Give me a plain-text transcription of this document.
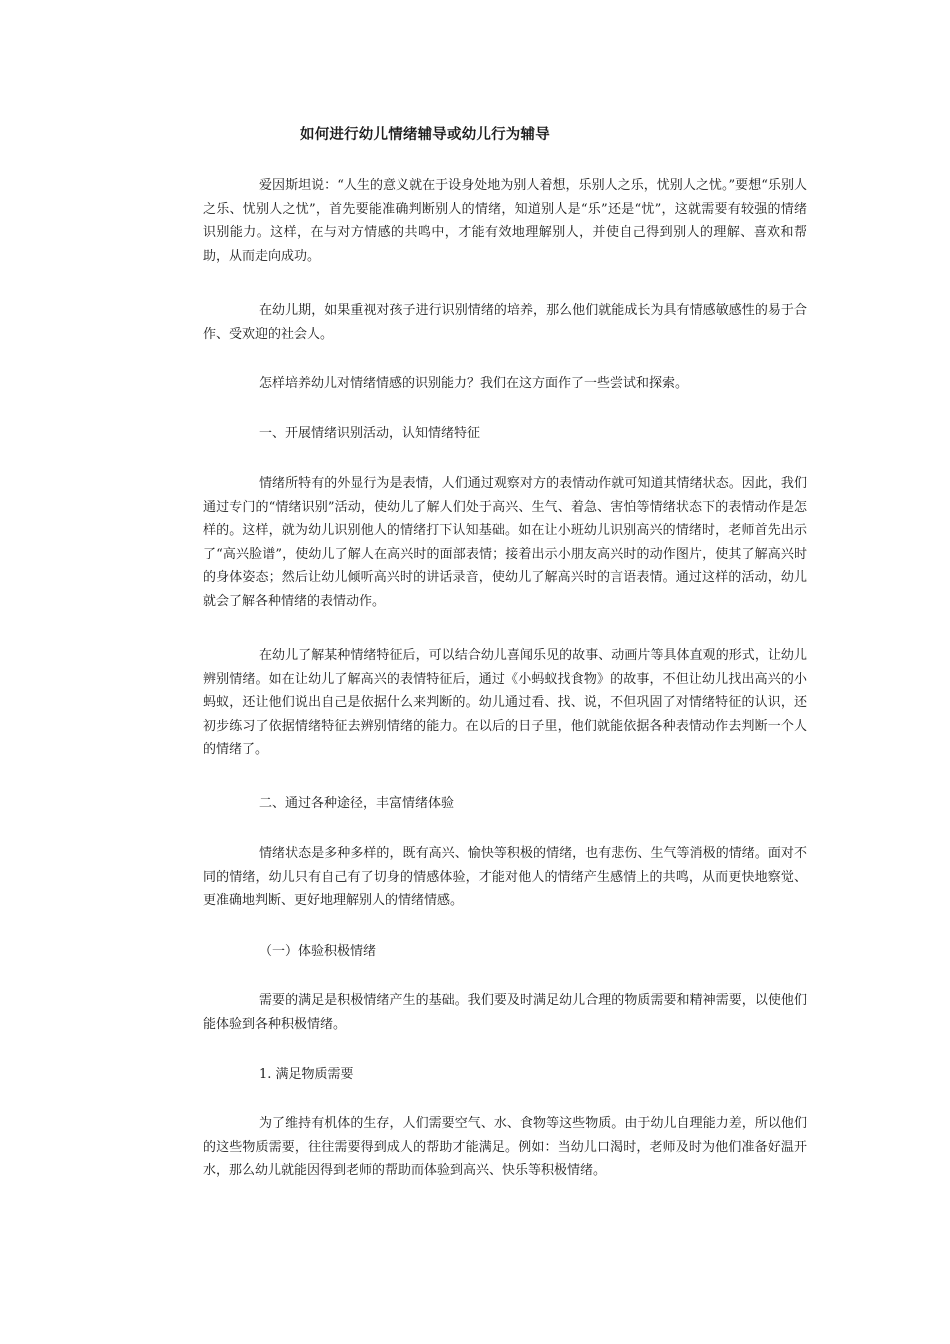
如何进行幼儿情绪辅导或幼儿行为辅导

爱因斯坦说：“人生的意义就在于设身处地为别人着想，乐别人之乐，忧别人之忧。”要想“乐别人之乐、忧别人之忧”，首先要能准确判断别人的情绪，知道别人是“乐”还是“忧”，这就需要有较强的情绪识别能力。这样，在与对方情感的共鸣中，才能有效地理解别人，并使自己得到别人的理解、喜欢和帮助，从而走向成功。

在幼儿期，如果重视对孩子进行识别情绪的培养，那么他们就能成长为具有情感敏感性的易于合作、受欢迎的社会人。

怎样培养幼儿对情绪情感的识别能力？我们在这方面作了一些尝试和探索。

一、开展情绪识别活动，认知情绪特征

情绪所特有的外显行为是表情，人们通过观察对方的表情动作就可知道其情绪状态。因此，我们通过专门的“情绪识别”活动，使幼儿了解人们处于高兴、生气、着急、害怕等情绪状态下的表情动作是怎样的。这样，就为幼儿识别他人的情绪打下认知基础。如在让小班幼儿识别高兴的情绪时，老师首先出示了“高兴脸谱”，使幼儿了解人在高兴时的面部表情；接着出示小朋友高兴时的动作图片，使其了解高兴时的身体姿态；然后让幼儿倾听高兴时的讲话录音，使幼儿了解高兴时的言语表情。通过这样的活动，幼儿就会了解各种情绪的表情动作。

在幼儿了解某种情绪特征后，可以结合幼儿喜闻乐见的故事、动画片等具体直观的形式，让幼儿辨别情绪。如在让幼儿了解高兴的表情特征后，通过《小蚂蚁找食物》的故事，不但让幼儿找出高兴的小蚂蚁，还让他们说出自己是依据什么来判断的。幼儿通过看、找、说，不但巩固了对情绪特征的认识，还初步练习了依据情绪特征去辨别情绪的能力。在以后的日子里，他们就能依据各种表情动作去判断一个人的情绪了。

二、通过各种途径，丰富情绪体验

情绪状态是多种多样的，既有高兴、愉快等积极的情绪，也有悲伤、生气等消极的情绪。面对不同的情绪，幼儿只有自己有了切身的情感体验，才能对他人的情绪产生感情上的共鸣，从而更快地察觉、更准确地判断、更好地理解别人的情绪情感。

（一）体验积极情绪

需要的满足是积极情绪产生的基础。我们要及时满足幼儿合理的物质需要和精神需要，以使他们能体验到各种积极情绪。

1. 满足物质需要

为了维持有机体的生存，人们需要空气、水、食物等这些物质。由于幼儿自理能力差，所以他们的这些物质需要，往往需要得到成人的帮助才能满足。例如：当幼儿口渴时，老师及时为他们准备好温开水，那么幼儿就能因得到老师的帮助而体验到高兴、快乐等积极情绪。
